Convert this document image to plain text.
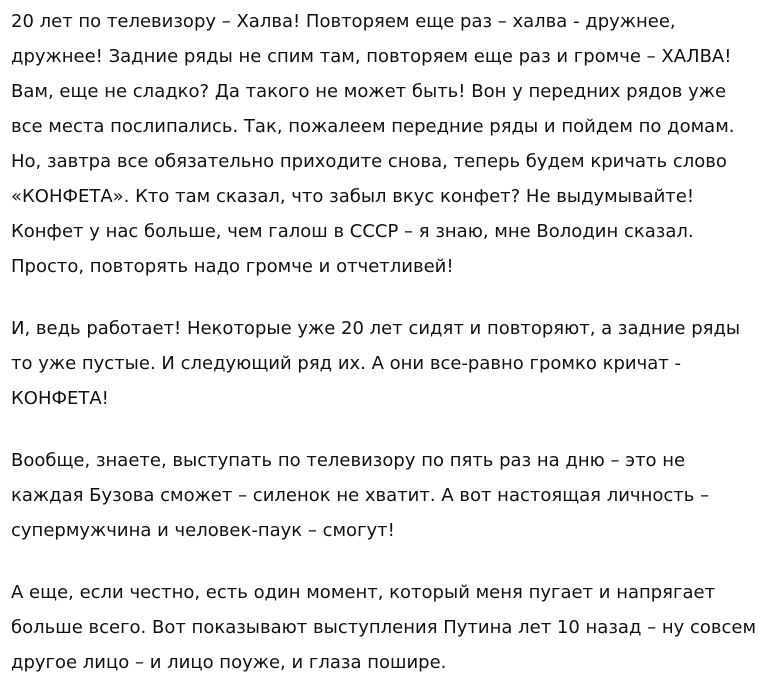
20 лет по телевизору – Халва! Повторяем еще раз – халва - дружнее, дружнее! Задние ряды не спим там, повторяем еще раз и громче – ХАЛВА! Вам, еще не сладко? Да такого не может быть! Вон у передних рядов уже все места послипались. Так, пожалеем передние ряды и пойдем по домам. Но, завтра все обязательно приходите снова, теперь будем кричать слово «КОНФЕТА». Кто там сказал, что забыл вкус конфет? Не выдумывайте! Конфет у нас больше, чем галош в СССР – я знаю, мне Володин сказал. Просто, повторять надо громче и отчетливей!

И, ведь работает! Некоторые уже 20 лет сидят и повторяют, а задние ряды то уже пустые. И следующий ряд их. А они все-равно громко кричат - КОНФЕТА!

Вообще, знаете, выступать по телевизору по пять раз на дню – это не каждая Бузова сможет – силенок не хватит. А вот настоящая личность – супермужчина и человек-паук – смогут!

А еще, если честно, есть один момент, который меня пугает и напрягает больше всего. Вот показывают выступления Путина лет 10 назад – ну совсем другое лицо – и лицо поуже, и глаза пошире.
